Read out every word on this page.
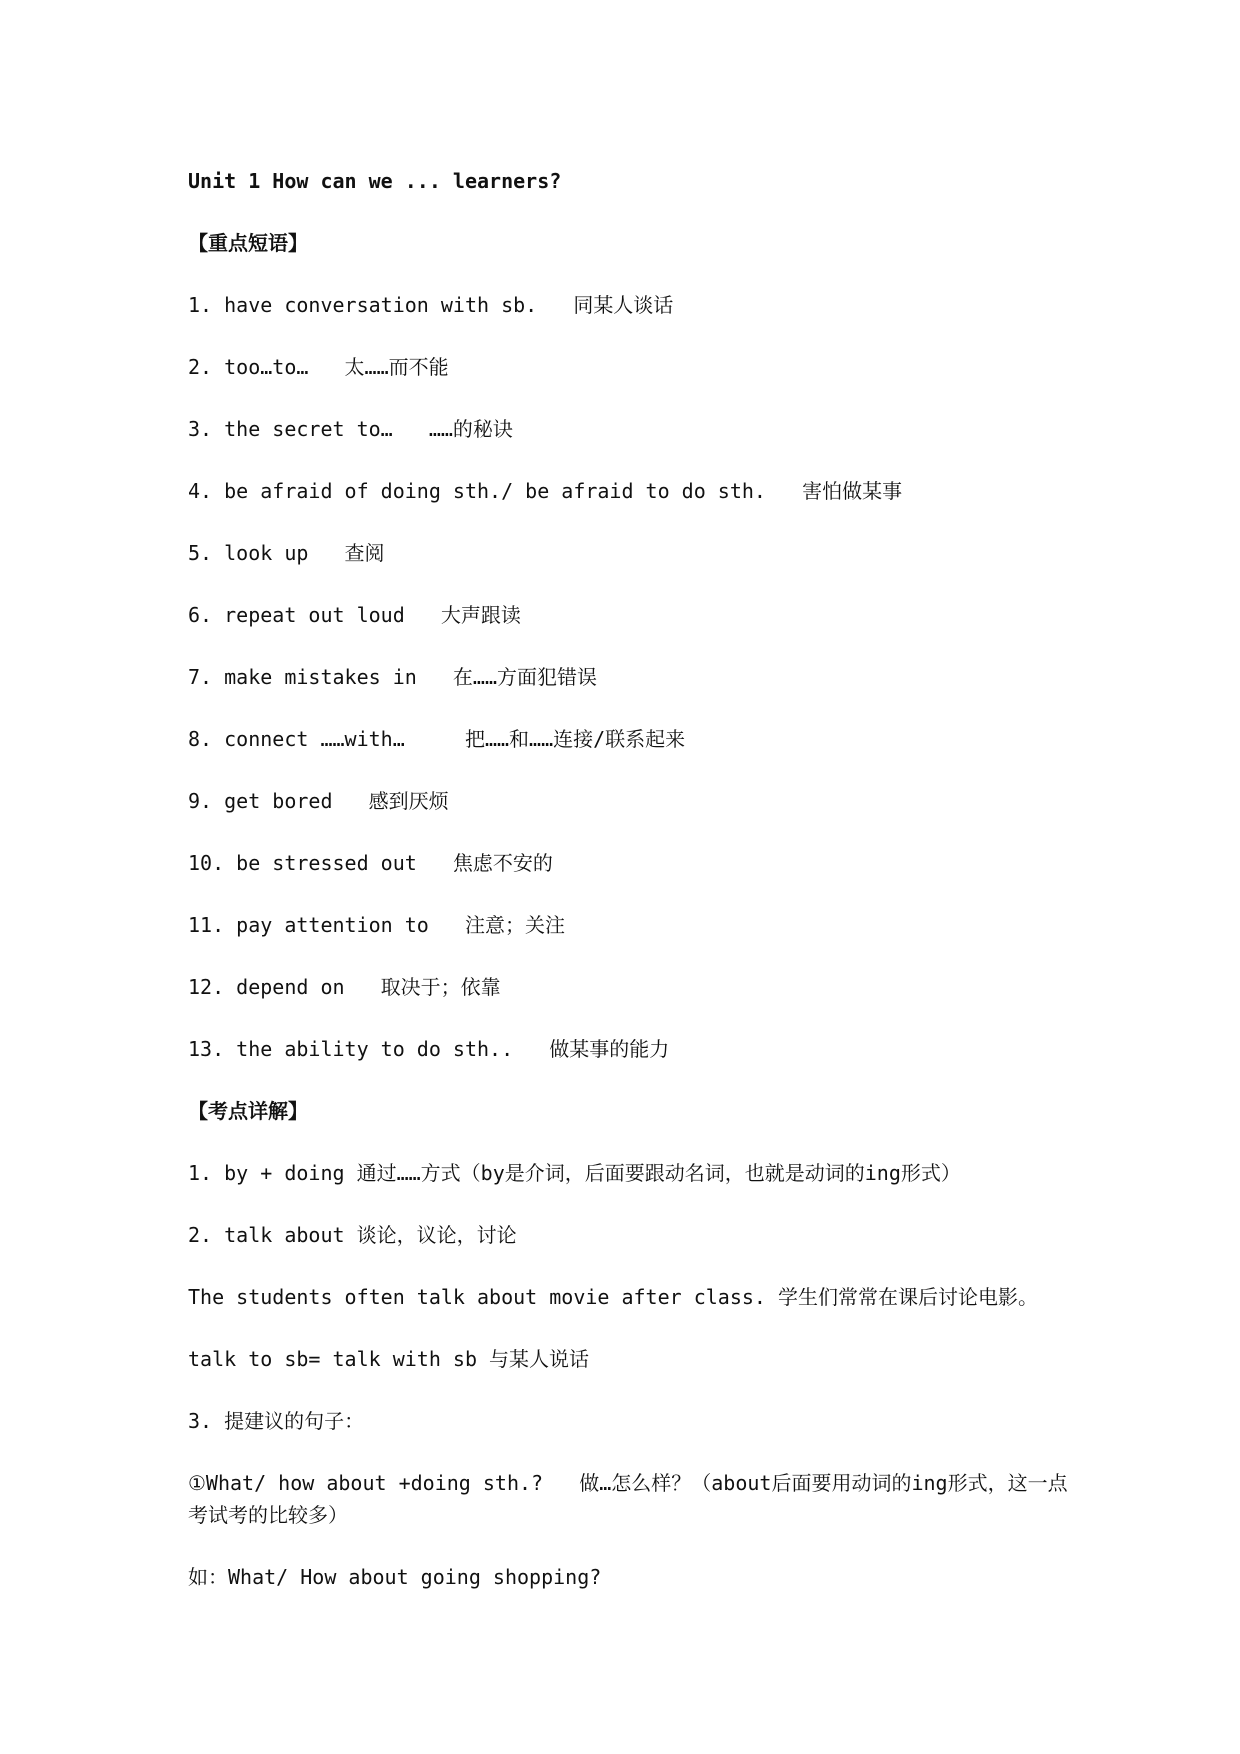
Unit 1 How can we ... learners?

【重点短语】

1. have conversation with sb.   同某人谈话

2. too…to…   太……而不能

3. the secret to…   ……的秘诀

4. be afraid of doing sth./ be afraid to do sth.   害怕做某事

5. look up   查阅

6. repeat out loud   大声跟读

7. make mistakes in   在……方面犯错误

8. connect ……with…     把……和……连接/联系起来

9. get bored   感到厌烦

10. be stressed out   焦虑不安的

11. pay attention to   注意；关注

12. depend on   取决于；依靠

13. the ability to do sth..   做某事的能力

【考点详解】

1. by + doing 通过……方式（by是介词，后面要跟动名词，也就是动词的ing形式）

2. talk about 谈论，议论，讨论

The students often talk about movie after class. 学生们常常在课后讨论电影。

talk to sb= talk with sb 与某人说话

3. 提建议的句子：

①What/ how about +doing sth.?   做…怎么样？（about后面要用动词的ing形式，这一点考试考的比较多）

如：What/ How about going shopping?
